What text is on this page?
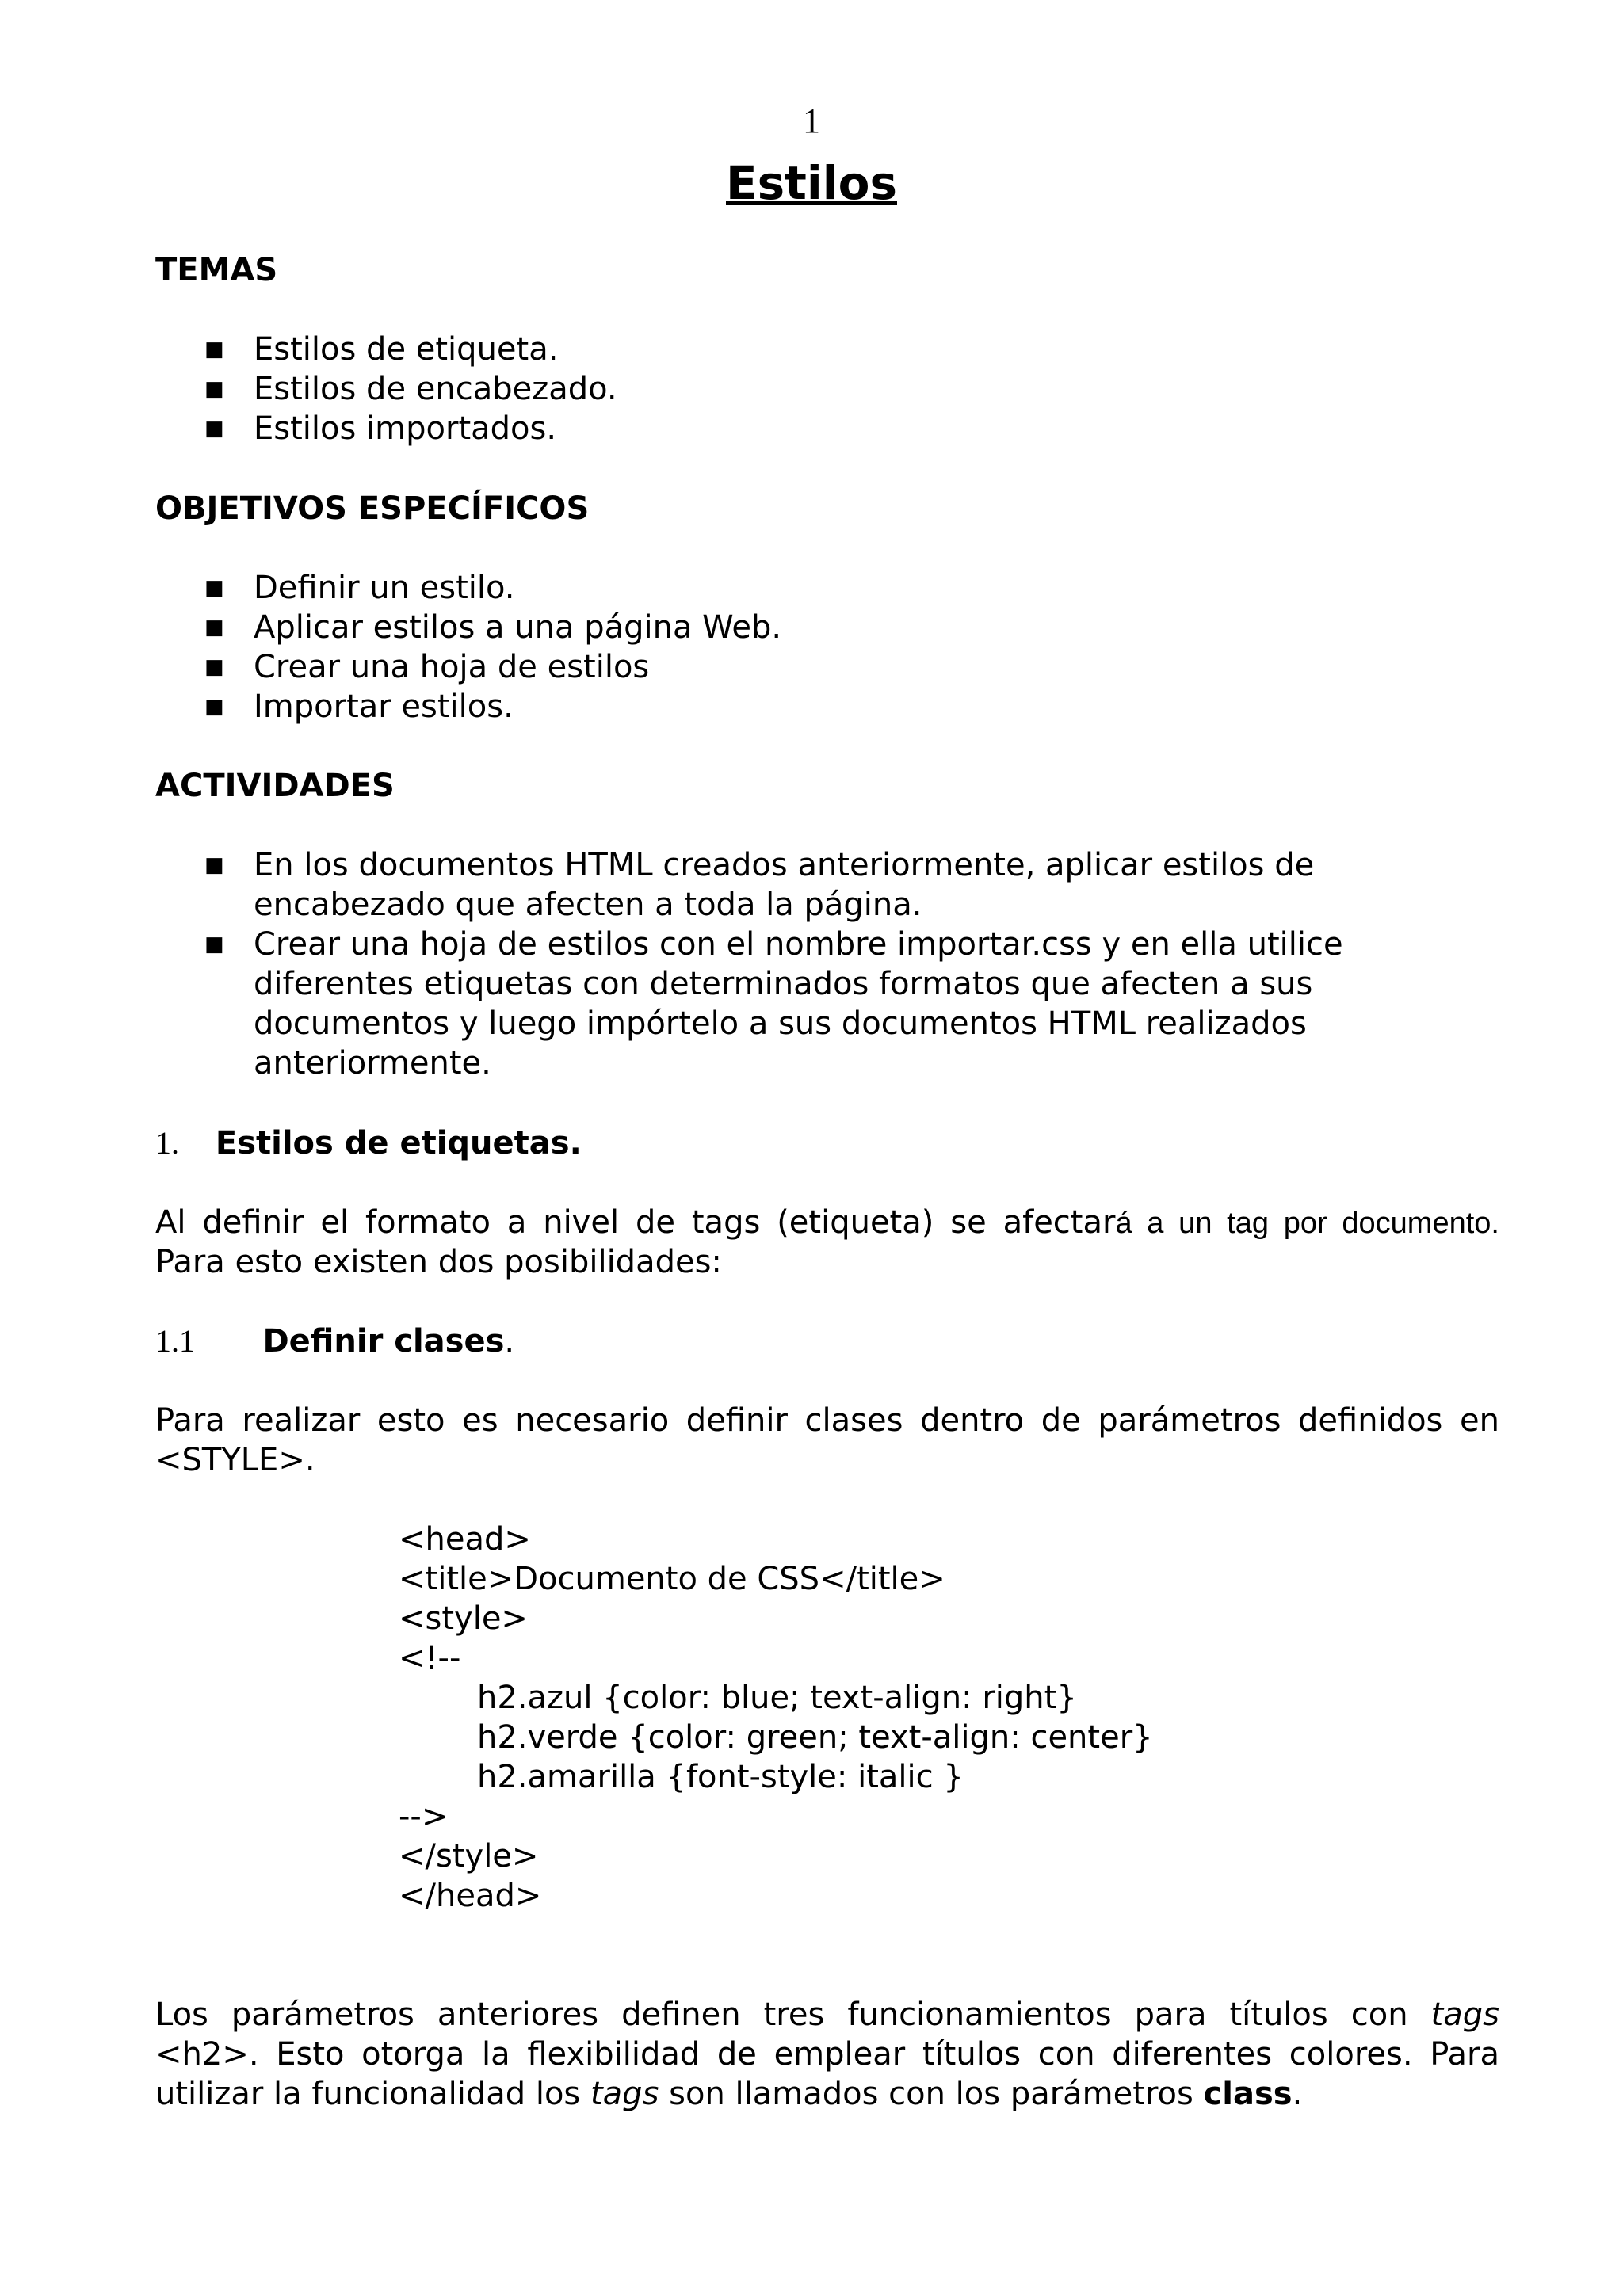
1
Estilos
TEMAS
■ Estilos de etiqueta.
■ Estilos de encabezado.
■ Estilos importados.
OBJETIVOS ESPECÍFICOS
■ Definir un estilo.
■ Aplicar estilos a una página Web.
■ Crear una hoja de estilos
■ Importar estilos.
ACTIVIDADES
■ En los documentos HTML creados anteriormente, aplicar estilos de
encabezado que afecten a toda la página.
■ Crear una hoja de estilos con el nombre importar.css y en ella utilice
diferentes etiquetas con determinados formatos que afecten a sus
documentos y luego impórtelo a sus documentos HTML realizados
anteriormente.
1. Estilos de etiquetas.
Al definir el formato a nivel de tags (etiqueta) se afectará a un tag por documento.
Para esto existen dos posibilidades:
1.1 Definir clases.
Para realizar esto es necesario definir clases dentro de parámetros definidos en
<STYLE>.
<head>
<title>Documento de CSS</title>
<style>
<!--
h2.azul {color: blue; text-align: right}
h2.verde {color: green; text-align: center}
h2.amarilla {font-style: italic }
-->
</style>
</head>
Los parámetros anteriores definen tres funcionamientos para títulos con tags
<h2>. Esto otorga la flexibilidad de emplear títulos con diferentes colores. Para
utilizar la funcionalidad los tags son llamados con los parámetros class.
